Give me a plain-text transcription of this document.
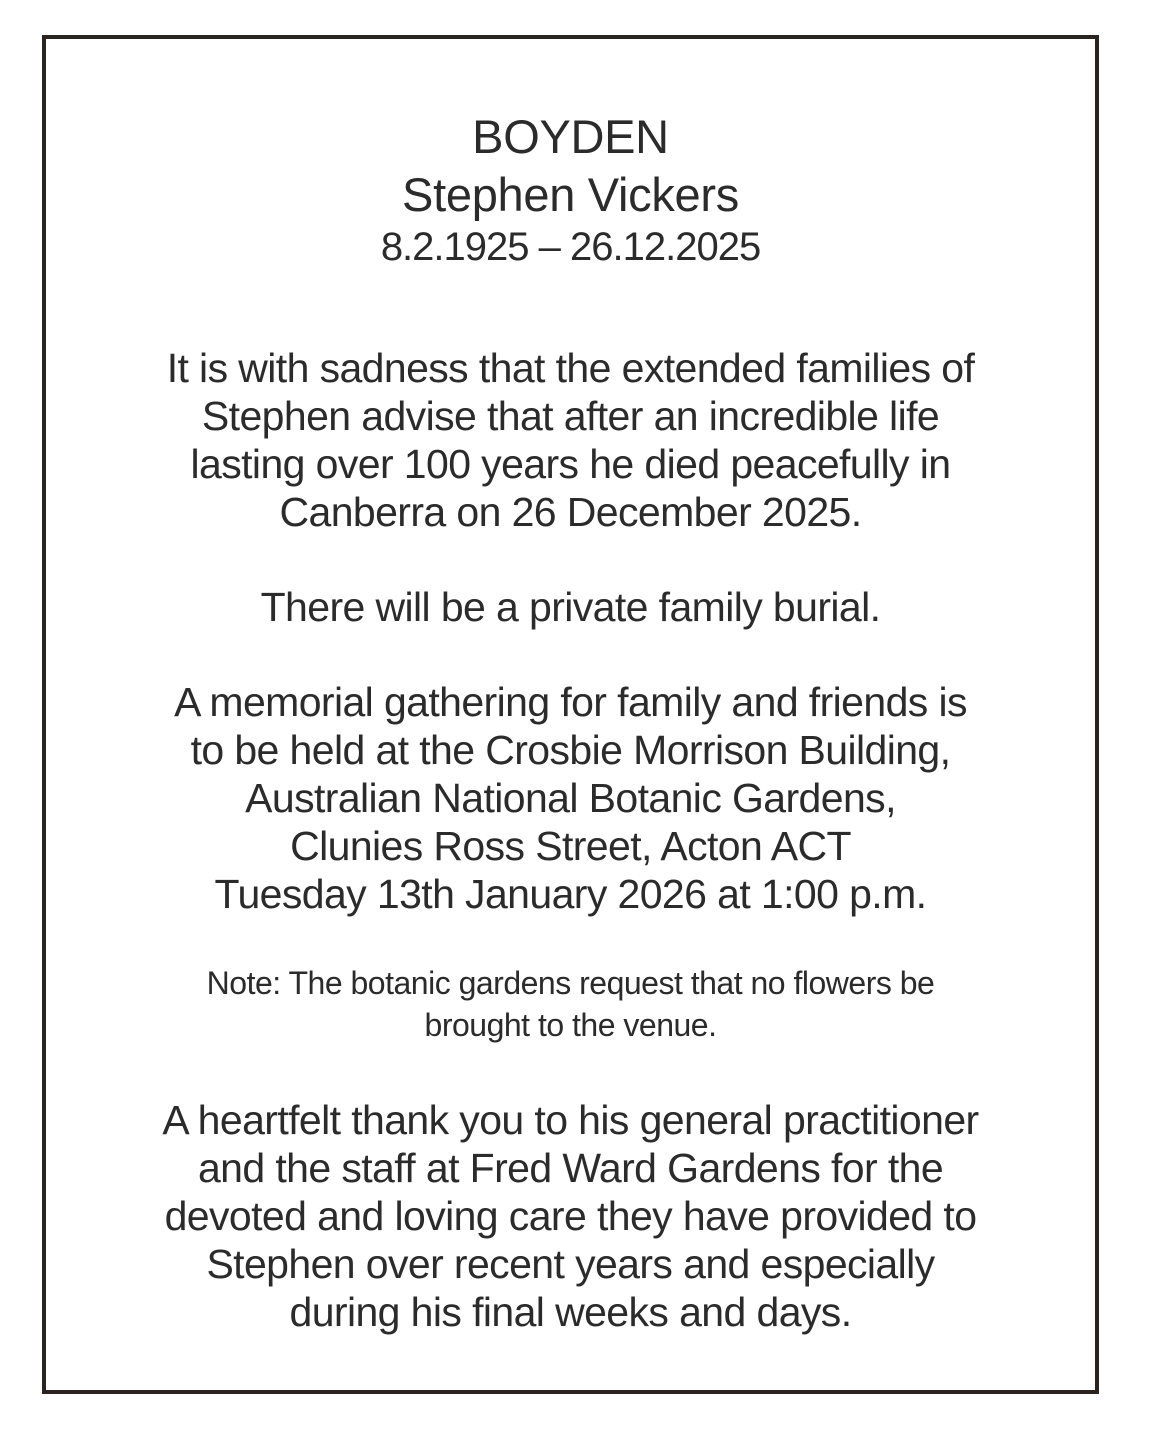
BOYDEN

Stephen Vickers

8.2.1925 – 26.12.2025

It is with sadness that the extended families of

Stephen advise that after an incredible life

lasting over 100 years he died peacefully in

Canberra on 26 December 2025.

There will be a private family burial.

A memorial gathering for family and friends is

to be held at the Crosbie Morrison Building,

Australian National Botanic Gardens,

Clunies Ross Street, Acton ACT

Tuesday 13th January 2026 at 1:00 p.m.

Note: The botanic gardens request that no flowers be

brought to the venue.

A heartfelt thank you to his general practitioner

and the staff at Fred Ward Gardens for the

devoted and loving care they have provided to

Stephen over recent years and especially

during his final weeks and days.
